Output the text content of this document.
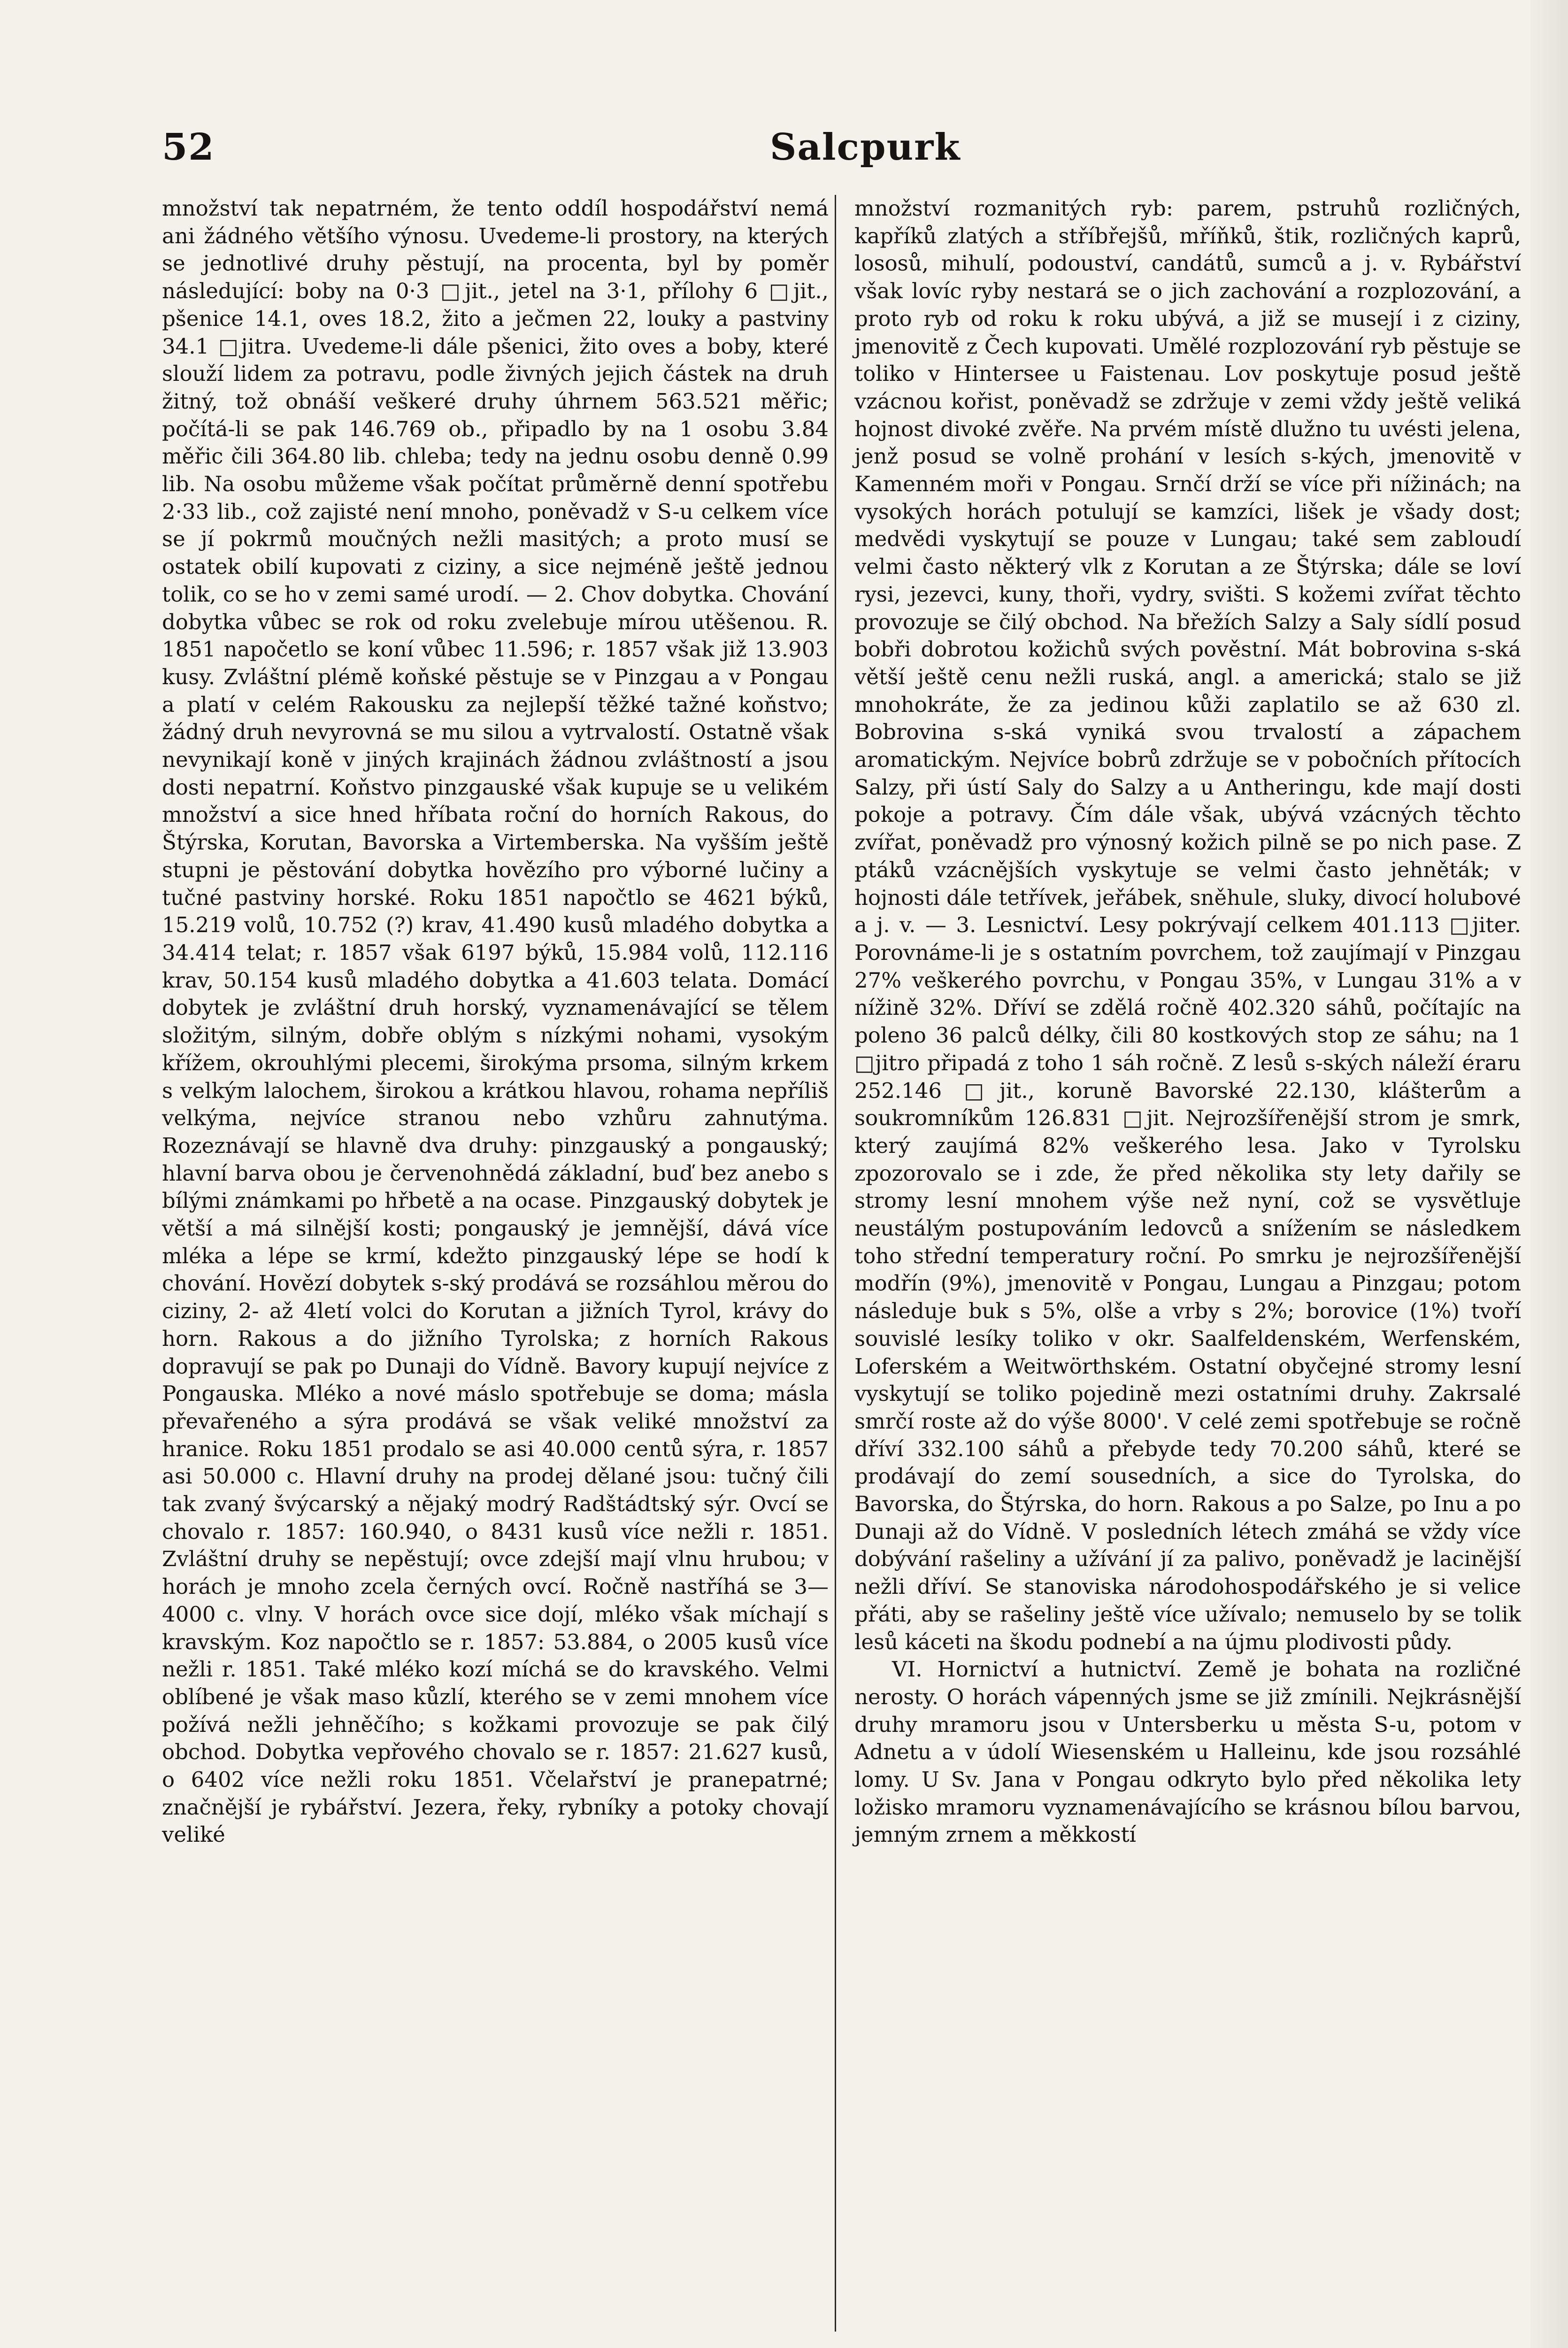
52	Salcpurk

množství tak nepatrném, že tento oddíl hospodářství nemá ani žádného většího výnosu. Uvedeme-li prostory, na kterých se jednotlivé druhy pěstují, na procenta, byl by poměr následující: boby na 0·3 □jit., jetel na 3·1, přílohy 6 □jit., pšenice 14.1, oves 18.2, žito a ječmen 22, louky a pastviny 34.1 □jitra. Uvedeme-li dále pšenici, žito oves a boby, které slouží lidem za potravu, podle živných jejich částek na druh žitný, tož obnáší veškeré druhy úhrnem 563.521 měřic; počítá-li se pak 146.769 ob., připadlo by na 1 osobu 3.84 měřic čili 364.80 lib. chleba; tedy na jednu osobu denně 0.99 lib. Na osobu můžeme však počítat průměrně denní spotřebu 2·33 lib., což zajisté není mnoho, poněvadž v S-u celkem více se jí pokrmů moučných nežli masitých; a proto musí se ostatek obilí kupovati z ciziny, a sice nejméně ještě jednou tolik, co se ho v zemi samé urodí. — 2. Chov dobytka. Chování dobytka vůbec se rok od roku zvelebuje mírou utěšenou. R. 1851 napočetlo se koní vůbec 11.596; r. 1857 však již 13.903 kusy. Zvláštní plémě koňské pěstuje se v Pinzgau a v Pongau a platí v celém Rakousku za nejlepší těžké tažné koňstvo; žádný druh nevyrovná se mu silou a vytrvalostí. Ostatně však nevynikají koně v jiných krajinách žádnou zvláštností a jsou dosti nepatrní. Koňstvo pinzgauské však kupuje se u velikém množství a sice hned hříbata roční do horních Rakous, do Štýrska, Korutan, Bavorska a Virtemberska. Na vyšším ještě stupni je pěstování dobytka hovězího pro výborné lučiny a tučné pastviny horské. Roku 1851 napočtlo se 4621 býků, 15.219 volů, 10.752 (?) krav, 41.490 kusů mladého dobytka a 34.414 telat; r. 1857 však 6197 býků, 15.984 volů, 112.116 krav, 50.154 kusů mladého dobytka a 41.603 telata. Domácí dobytek je zvláštní druh horský, vyznamenávající se tělem složitým, silným, dobře oblým s nízkými nohami, vysokým křížem, okrouhlými plecemi, širokýma prsoma, silným krkem s velkým lalochem, širokou a krátkou hlavou, rohama nepříliš velkýma, nejvíce stranou nebo vzhůru zahnutýma. Rozeznávají se hlavně dva druhy: pinzgauský a pongauský; hlavní barva obou je červenohnědá základní, buď bez anebo s bílými známkami po hřbetě a na ocase. Pinzgauský dobytek je větší a má silnější kosti; pongauský je jemnější, dává více mléka a lépe se krmí, kdežto pinzgauský lépe se hodí k chování. Hovězí dobytek s-ský prodává se rozsáhlou měrou do ciziny, 2- až 4letí volci do Korutan a jižních Tyrol, krávy do horn. Rakous a do jižního Tyrolska; z horních Rakous dopravují se pak po Dunaji do Vídně. Bavory kupují nejvíce z Pongauska. Mléko a nové máslo spotřebuje se doma; másla převařeného a sýra prodává se však veliké množství za hranice. Roku 1851 prodalo se asi 40.000 centů sýra, r. 1857 asi 50.000 c. Hlavní druhy na prodej dělané jsou: tučný čili tak zvaný švýcarský a nějaký modrý Radštádtský sýr. Ovcí se chovalo r. 1857: 160.940, o 8431 kusů více nežli r. 1851. Zvláštní druhy se nepěstují; ovce zdejší mají vlnu hrubou; v horách je mnoho zcela černých ovcí. Ročně nastříhá se 3—4000 c. vlny. V horách ovce sice dojí, mléko však míchají s kravským. Koz napočtlo se r. 1857: 53.884, o 2005 kusů více nežli r. 1851. Také mléko kozí míchá se do kravského. Velmi oblíbené je však maso kůzlí, kterého se v zemi mnohem více požívá nežli jehněčího; s kožkami provozuje se pak čilý obchod. Dobytka vepřového chovalo se r. 1857: 21.627 kusů, o 6402 více nežli roku 1851. Včelařství je pranepatrné; značnější je rybářství. Jezera, řeky, rybníky a potoky chovají veliké

množství rozmanitých ryb: parem, pstruhů rozličných, kapříků zlatých a stříbřejšů, mříňků, štik, rozličných kaprů, lososů, mihulí, podouství, candátů, sumců a j. v. Rybářství však lovíc ryby nestará se o jich zachování a rozplozování, a proto ryb od roku k roku ubývá, a již se musejí i z ciziny, jmenovitě z Čech kupovati. Umělé rozplozování ryb pěstuje se toliko v Hintersee u Faistenau. Lov poskytuje posud ještě vzácnou kořist, poněvadž se zdržuje v zemi vždy ještě veliká hojnost divoké zvěře. Na prvém místě dlužno tu uvésti jelena, jenž posud se volně prohání v lesích s-kých, jmenovitě v Kamenném moři v Pongau. Srnčí drží se více při nížinách; na vysokých horách potulují se kamzíci, lišek je všady dost; medvědi vyskytují se pouze v Lungau; také sem zabloudí velmi často některý vlk z Korutan a ze Štýrska; dále se loví rysi, jezevci, kuny, thoři, vydry, svišti. S kožemi zvířat těchto provozuje se čilý obchod. Na břežích Salzy a Saly sídlí posud bobři dobrotou kožichů svých pověstní. Mát bobrovina s-ská větší ještě cenu nežli ruská, angl. a americká; stalo se již mnohokráte, že za jedinou kůži zaplatilo se až 630 zl. Bobrovina s-ská vyniká svou trvalostí a zápachem aromatickým. Nejvíce bobrů zdržuje se v pobočních přítocích Salzy, při ústí Saly do Salzy a u Antheringu, kde mají dosti pokoje a potravy. Čím dále však, ubývá vzácných těchto zvířat, poněvadž pro výnosný kožich pilně se po nich pase. Z ptáků vzácnějších vyskytuje se velmi často jehněták; v hojnosti dále tetřívek, jeřábek, sněhule, sluky, divocí holubové a j. v. — 3. Lesnictví. Lesy pokrývají celkem 401.113 □jiter. Porovnáme-li je s ostatním povrchem, tož zaujímají v Pinzgau 27% veškerého povrchu, v Pongau 35%, v Lungau 31% a v nížině 32%. Dříví se zdělá ročně 402.320 sáhů, počítajíc na poleno 36 palců délky, čili 80 kostkových stop ze sáhu; na 1 □jitro připadá z toho 1 sáh ročně. Z lesů s-ských náleží éraru 252.146 □jit., koruně Bavorské 22.130, klášterům a soukromníkům 126.831 □jit. Nejrozšířenější strom je smrk, který zaujímá 82% veškerého lesa. Jako v Tyrolsku zpozorovalo se i zde, že před několika sty lety dařily se stromy lesní mnohem výše než nyní, což se vysvětluje neustálým postupováním ledovců a snížením se následkem toho střední temperatury roční. Po smrku je nejrozšířenější modřín (9%), jmenovitě v Pongau, Lungau a Pinzgau; potom následuje buk s 5%, olše a vrby s 2%; borovice (1%) tvoří souvislé lesíky toliko v okr. Saalfeldenském, Werfenském, Loferském a Weitwörthském. Ostatní obyčejné stromy lesní vyskytují se toliko pojedině mezi ostatními druhy. Zakrsalé smrčí roste až do výše 8000'. V celé zemi spotřebuje se ročně dříví 332.100 sáhů a přebyde tedy 70.200 sáhů, které se prodávají do zemí sousedních, a sice do Tyrolska, do Bavorska, do Štýrska, do horn. Rakous a po Salze, po Inu a po Dunaji až do Vídně. V posledních létech zmáhá se vždy více dobývání rašeliny a užívání jí za palivo, poněvadž je lacinější nežli dříví. Se stanoviska národohospodářského je si velice přáti, aby se rašeliny ještě více užívalo; nemuselo by se tolik lesů káceti na škodu podnebí a na újmu plodivosti půdy.

VI. Hornictví a hutnictví. Země je bohata na rozličné nerosty. O horách vápenných jsme se již zmínili. Nejkrásnější druhy mramoru jsou v Untersberku u města S-u, potom v Adnetu a v údolí Wiesenském u Halleinu, kde jsou rozsáhlé lomy. U Sv. Jana v Pongau odkryto bylo před několika lety ložisko mramoru vyznamenávajícího se krásnou bílou barvou, jemným zrnem a měkkostí
